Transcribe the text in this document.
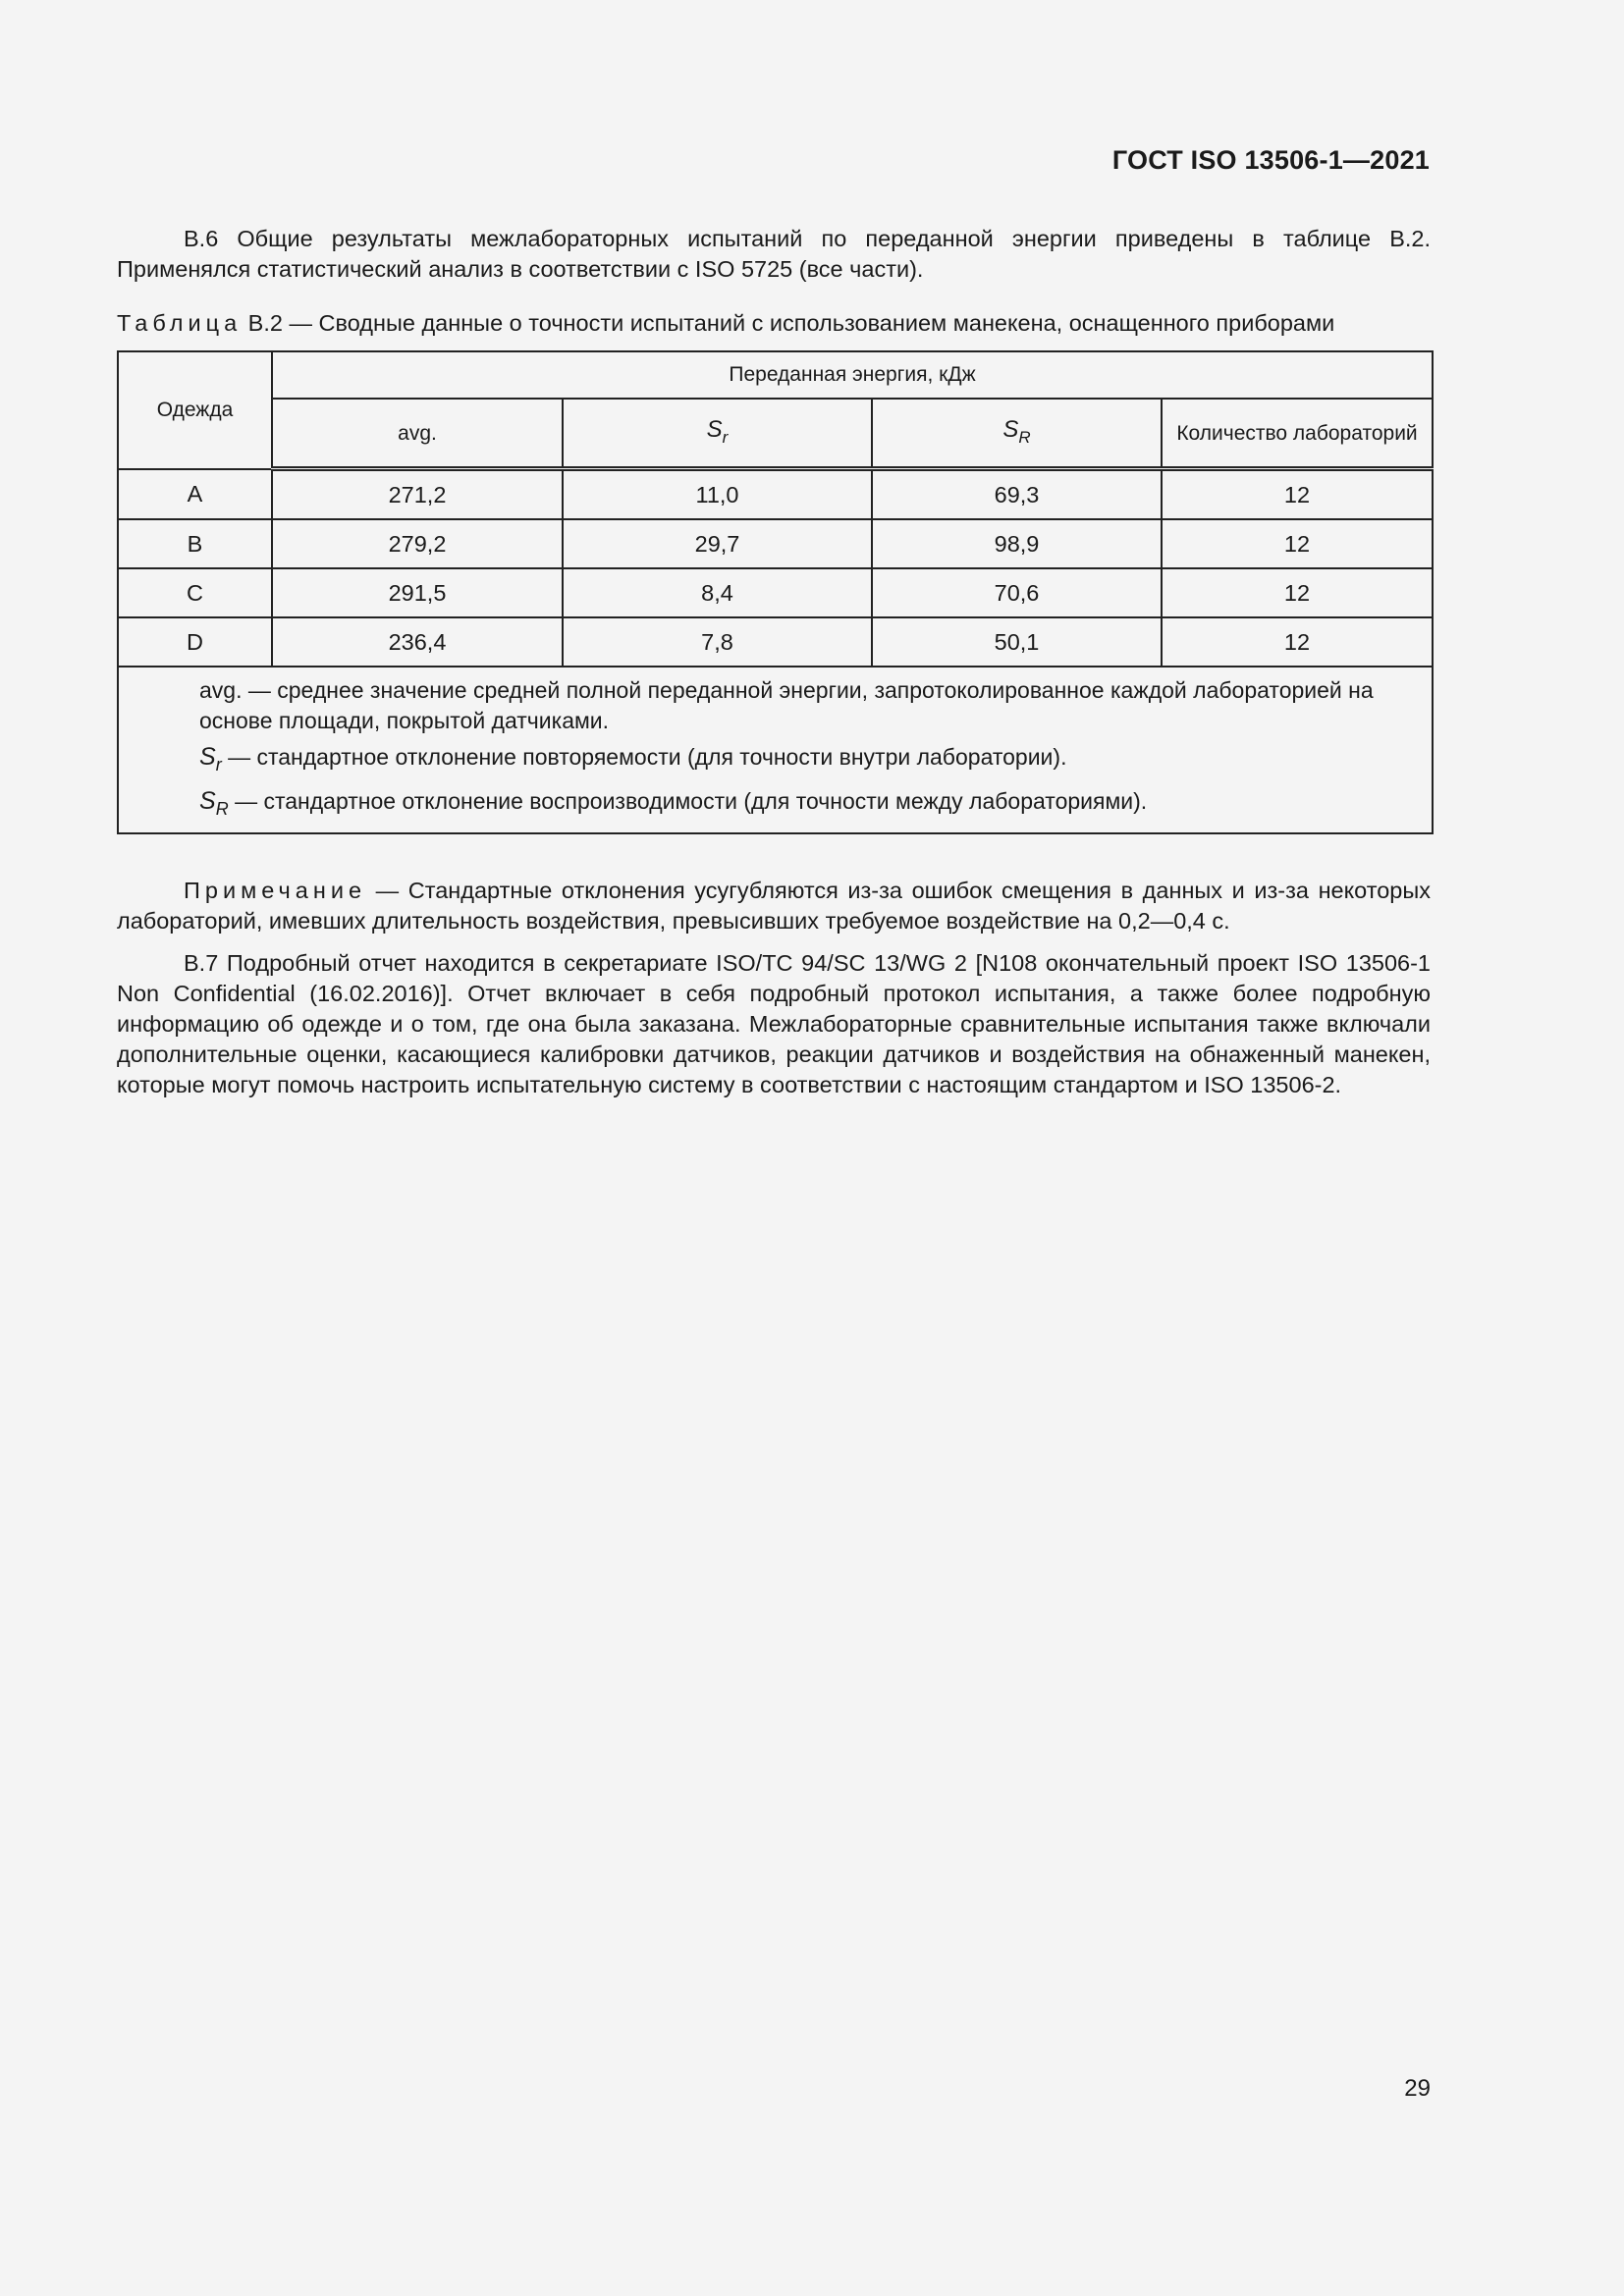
ГОСТ ISO 13506-1—2021

B.6 Общие результаты межлабораторных испытаний по переданной энергии приведены в таблице В.2. Применялся статистический анализ в соответствии с ISO 5725 (все части).

Таблица В.2 — Сводные данные о точности испытаний с использованием манекена, оснащенного приборами
Одежда	Переданная энергия, кДж			
	avg.	$S_r$	$S_R$	Количество лабораторий
A	271,2	11,0	69,3	12
B	279,2	29,7	98,9	12
C	291,5	8,4	70,6	12
D	236,4	7,8	50,1	12

avg. — среднее значение средней полной переданной энергии, запротоколированное каждой лабораторией на основе площади, покрытой датчиками.

$S_r$ — стандартное отклонение повторяемости (для точности внутри лаборатории).

$S_R$ — стандартное отклонение воспроизводимости (для точности между лабораториями).				

Примечание — Стандартные отклонения усугубляются из-за ошибок смещения в данных и из-за некоторых лабораторий, имевших длительность воздействия, превысивших требуемое воздействие на 0,2—0,4 с.

В.7 Подробный отчет находится в секретариате ISO/TC 94/SC 13/WG 2 [N108 окончательный проект ISO 13506-1 Non Confidential (16.02.2016)]. Отчет включает в себя подробный протокол испытания, а также более подробную информацию об одежде и о том, где она была заказана. Межлабораторные сравнительные испытания также включали дополнительные оценки, касающиеся калибровки датчиков, реакции датчиков и воздействия на обнаженный манекен, которые могут помочь настроить испытательную систему в соответствии с настоящим стандартом и ISO 13506-2.

29
